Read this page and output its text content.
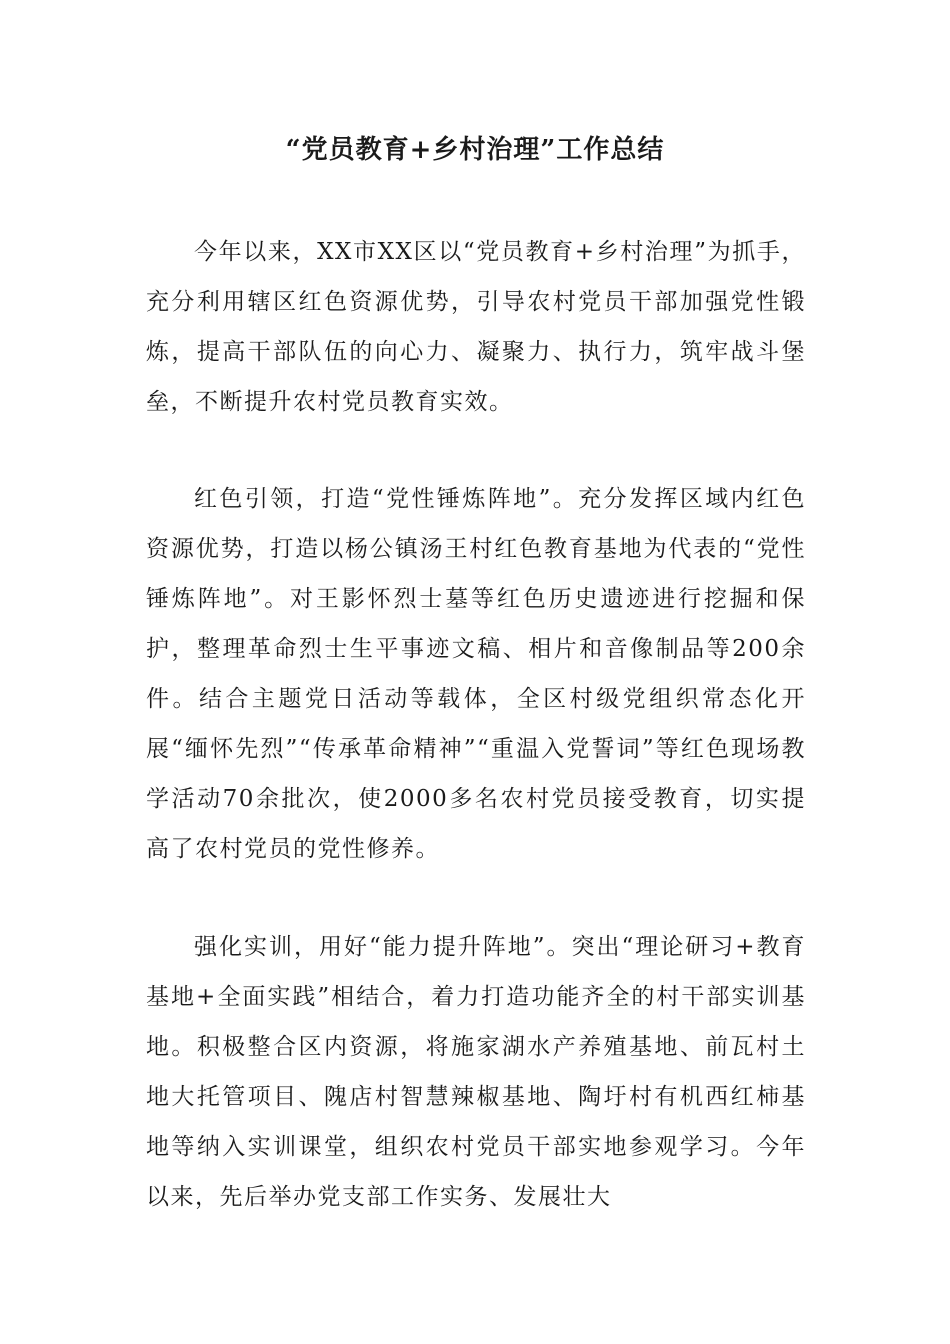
“党员教育+乡村治理”工作总结

今年以来，XX市XX区以“党员教育+乡村治理”为抓手，充分利用辖区红色资源优势，引导农村党员干部加强党性锻炼，提高干部队伍的向心力、凝聚力、执行力，筑牢战斗堡垒，不断提升农村党员教育实效。

红色引领，打造“党性锤炼阵地”。充分发挥区域内红色资源优势，打造以杨公镇汤王村红色教育基地为代表的“党性锤炼阵地”。对王影怀烈士墓等红色历史遗迹进行挖掘和保护，整理革命烈士生平事迹文稿、相片和音像制品等200余件。结合主题党日活动等载体，全区村级党组织常态化开展“缅怀先烈”“传承革命精神”“重温入党誓词”等红色现场教学活动70余批次，使2000多名农村党员接受教育，切实提高了农村党员的党性修养。

强化实训，用好“能力提升阵地”。突出“理论研习+教育基地+全面实践”相结合，着力打造功能齐全的村干部实训基地。积极整合区内资源，将施家湖水产养殖基地、前瓦村土地大托管项目、隗店村智慧辣椒基地、陶圩村有机西红柿基地等纳入实训课堂，组织农村党员干部实地参观学习。今年以来，先后举办党支部工作实务、发展壮大
